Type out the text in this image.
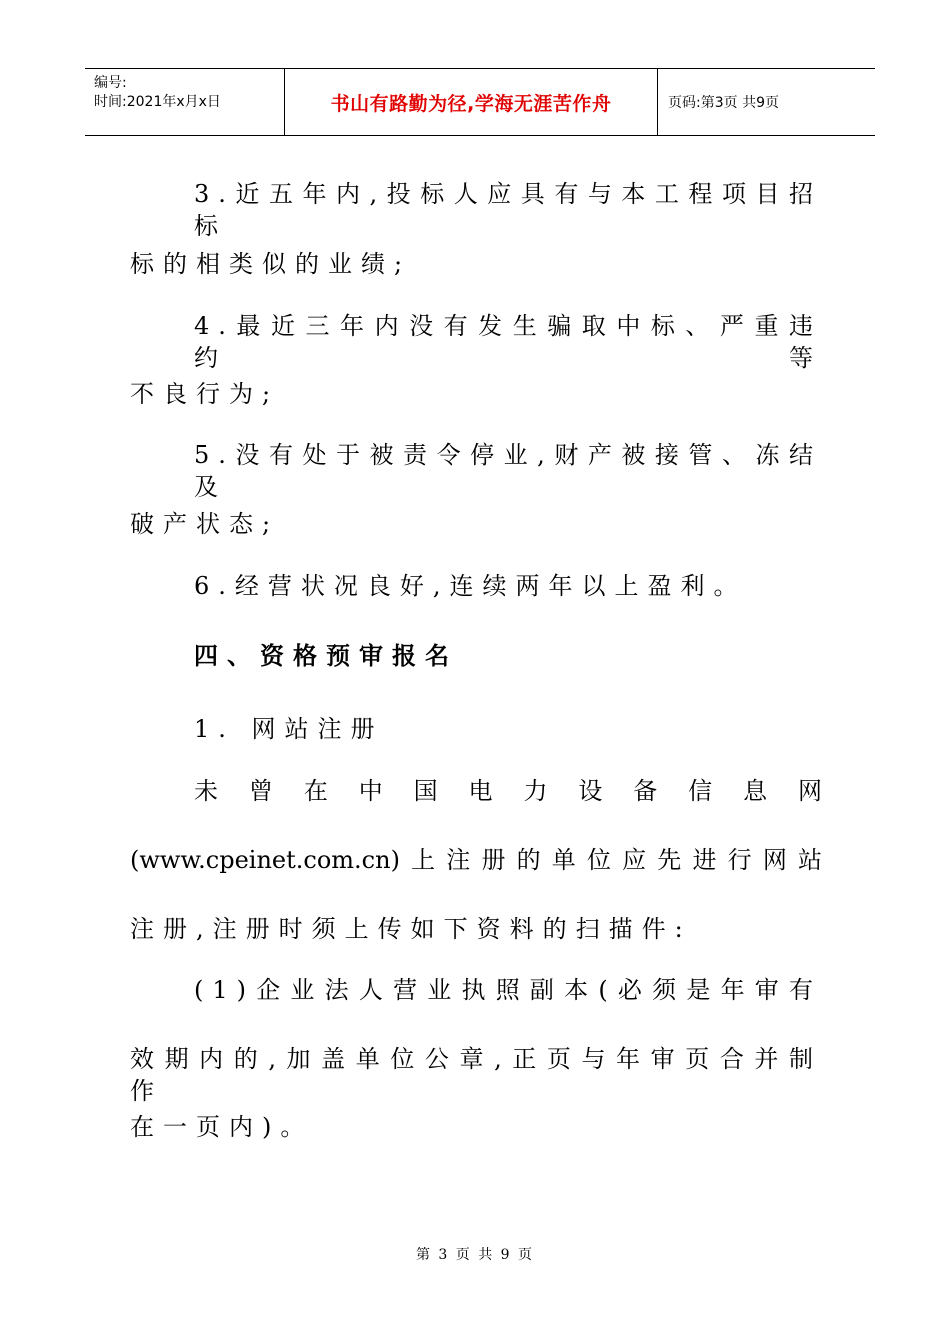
编号:
时间:2021年x月x日	书山有路勤为径,学海无涯苦作舟	页码:第3页 共9页
3.近五年内,投标人应具有与本工程项目招标
标的相类似的业绩;
4.最近三年内没有发生骗取中标、严重违约等
不良行为;
5.没有处于被责令停业,财产被接管、冻结及
破产状态;
6.经营状况良好,连续两年以上盈利。
四、资格预审报名
1. 网站注册
未曾在中国电力设备信息网
(www.cpeinet.com.cn)上注册的单位应先进行网站
注册,注册时须上传如下资料的扫描件:
(1)企业法人营业执照副本(必须是年审有
效期内的,加盖单位公章,正页与年审页合并制作
在一页内)。
第 3 页 共 9 页
